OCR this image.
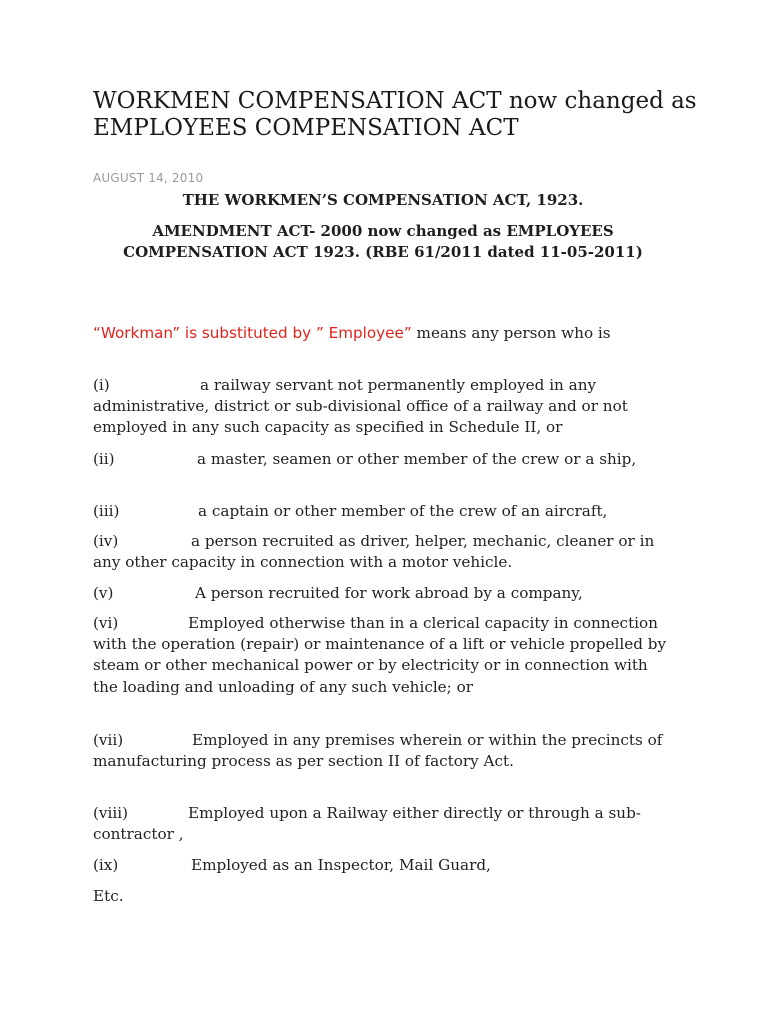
WORKMEN COMPENSATION ACT now changed as EMPLOYEES COMPENSATION ACT
AUGUST 14, 2010

THE WORKMEN’S COMPENSATION ACT, 1923.

AMENDMENT ACT- 2000 now changed as EMPLOYEES COMPENSATION ACT 1923. (RBE 61/2011 dated 11-05-2011)

“Workman” is substituted by ” Employee” means any person who is

(i)	a railway servant not permanently employed in any administrative, district or sub-divisional office of a railway and or not employed in any such capacity as specified in Schedule II, or

(ii)	a master, seamen or other member of the crew or a ship,

(iii)	a captain or other member of the crew of an aircraft,

(iv)	a person recruited as driver, helper, mechanic, cleaner or in any other capacity in connection with a motor vehicle.

(v)	A person recruited for work abroad by a company,

(vi)	Employed otherwise than in a clerical capacity in connection with the operation (repair) or maintenance of a lift or vehicle propelled by steam or other mechanical power or by electricity or in connection with the loading and unloading of any such vehicle; or

(vii)	Employed in any premises wherein or within the precincts of manufacturing process as per section II of factory Act.

(viii)	Employed upon a Railway either directly or through a sub-contractor ,

(ix)	Employed as an Inspector, Mail Guard,

Etc.
